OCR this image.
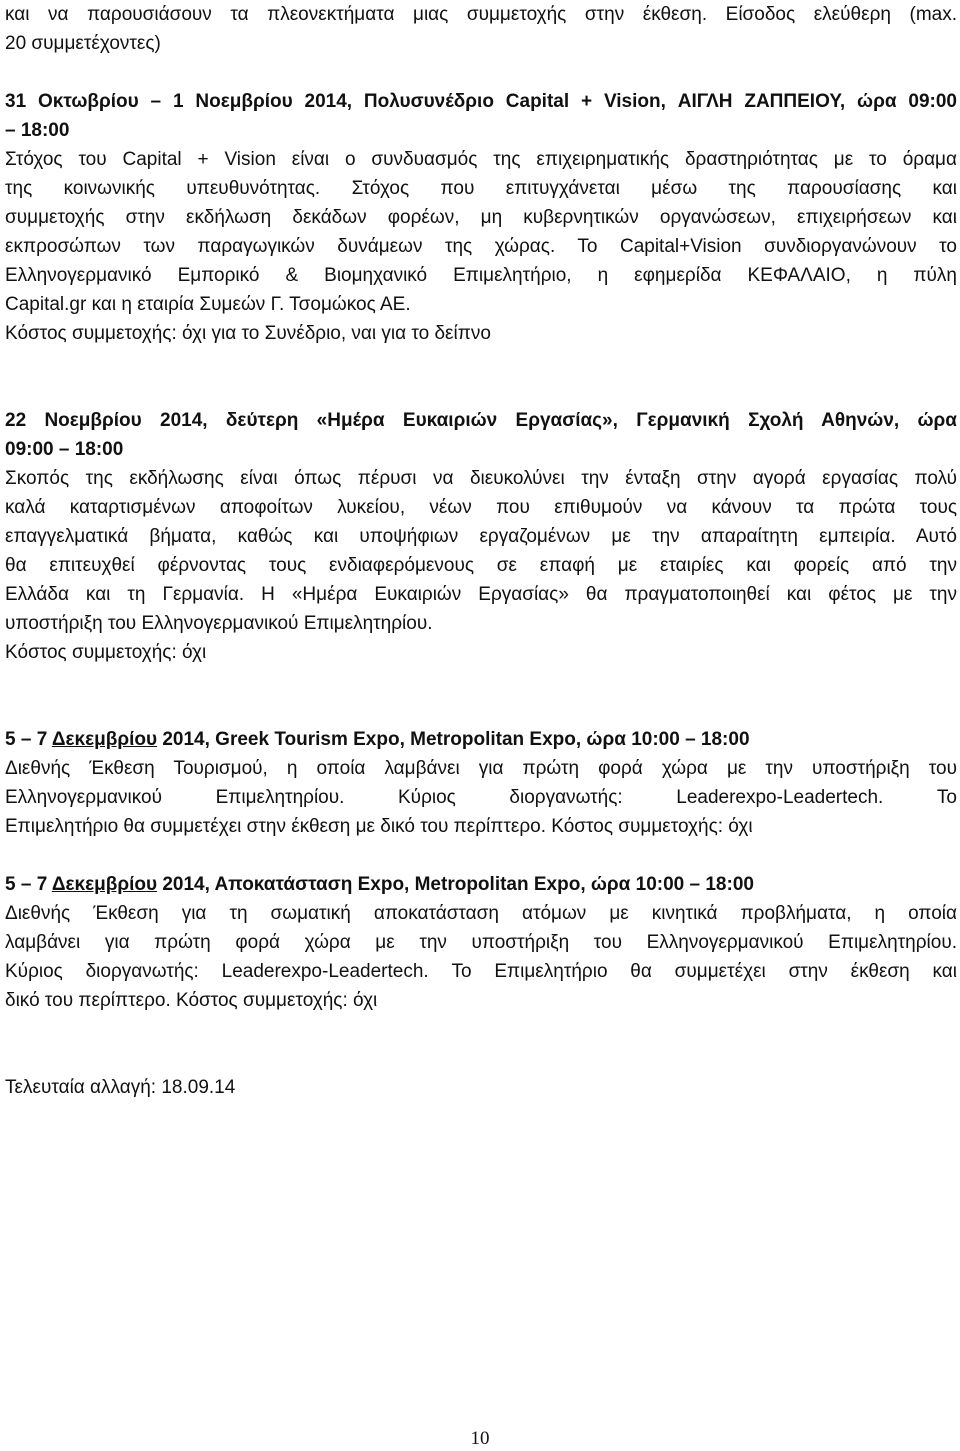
και να παρουσιάσουν τα πλεονεκτήματα μιας συμμετοχής στην έκθεση. Είσοδος ελεύθερη (max.
20 συμμετέχοντες)
31 Οκτωβρίου – 1 Νοεμβρίου 2014, Πολυσυνέδριο Capital + Vision, ΑΙΓΛΗ ΖΑΠΠΕΙΟΥ, ώρα 09:00
– 18:00
Στόχος του Capital + Vision είναι ο συνδυασμός της επιχειρηματικής δραστηριότητας με το όραμα
της κοινωνικής υπευθυνότητας. Στόχος που επιτυγχάνεται μέσω της παρουσίασης και
συμμετοχής στην εκδήλωση δεκάδων φορέων, μη κυβερνητικών οργανώσεων, επιχειρήσεων και
εκπροσώπων των παραγωγικών δυνάμεων της χώρας. Το Capital+Vision συνδιοργανώνουν το
Ελληνογερμανικό Εμπορικό & Βιομηχανικό Επιμελητήριο, η εφημερίδα ΚΕΦΑΛΑΙΟ, η πύλη
Capital.gr και η εταιρία Συμεών Γ. Τσομώκος ΑΕ.
Κόστος συμμετοχής: όχι για το Συνέδριο, ναι για το δείπνο
22 Νοεμβρίου 2014, δεύτερη «Ημέρα Ευκαιριών Εργασίας», Γερμανική Σχολή Αθηνών, ώρα
09:00 – 18:00
Σκοπός της εκδήλωσης είναι όπως πέρυσι να διευκολύνει την ένταξη στην αγορά εργασίας πολύ
καλά καταρτισμένων αποφοίτων λυκείου, νέων που επιθυμούν να κάνουν τα πρώτα τους
επαγγελματικά βήματα, καθώς και υποψήφιων εργαζομένων με την απαραίτητη εμπειρία. Αυτό
θα επιτευχθεί φέρνοντας τους ενδιαφερόμενους σε επαφή με εταιρίες και φορείς από την
Ελλάδα και τη Γερμανία. Η «Ημέρα Ευκαιριών Εργασίας» θα πραγματοποιηθεί και φέτος με την
υποστήριξη του Ελληνογερμανικού Επιμελητηρίου.
Κόστος συμμετοχής: όχι
5 – 7 Δεκεμβρίου 2014, Greek Tourism Expo, Metropolitan Expo, ώρα 10:00 – 18:00
Διεθνής Έκθεση Τουρισμού, η οποία λαμβάνει για πρώτη φορά χώρα με την υποστήριξη του
Ελληνογερμανικού Επιμελητηρίου. Κύριος διοργανωτής: Leaderexpo-Leadertech. Το
Επιμελητήριο θα συμμετέχει στην έκθεση με δικό του περίπτερο. Κόστος συμμετοχής: όχι
5 – 7 Δεκεμβρίου 2014, Αποκατάσταση Expo, Metropolitan Expo, ώρα 10:00 – 18:00
Διεθνής Έκθεση για τη σωματική αποκατάσταση ατόμων με κινητικά προβλήματα, η οποία
λαμβάνει για πρώτη φορά χώρα με την υποστήριξη του Ελληνογερμανικού Επιμελητηρίου.
Κύριος διοργανωτής: Leaderexpo-Leadertech. Το Επιμελητήριο θα συμμετέχει στην έκθεση και
δικό του περίπτερο. Κόστος συμμετοχής: όχι
Τελευταία αλλαγή: 18.09.14
10
